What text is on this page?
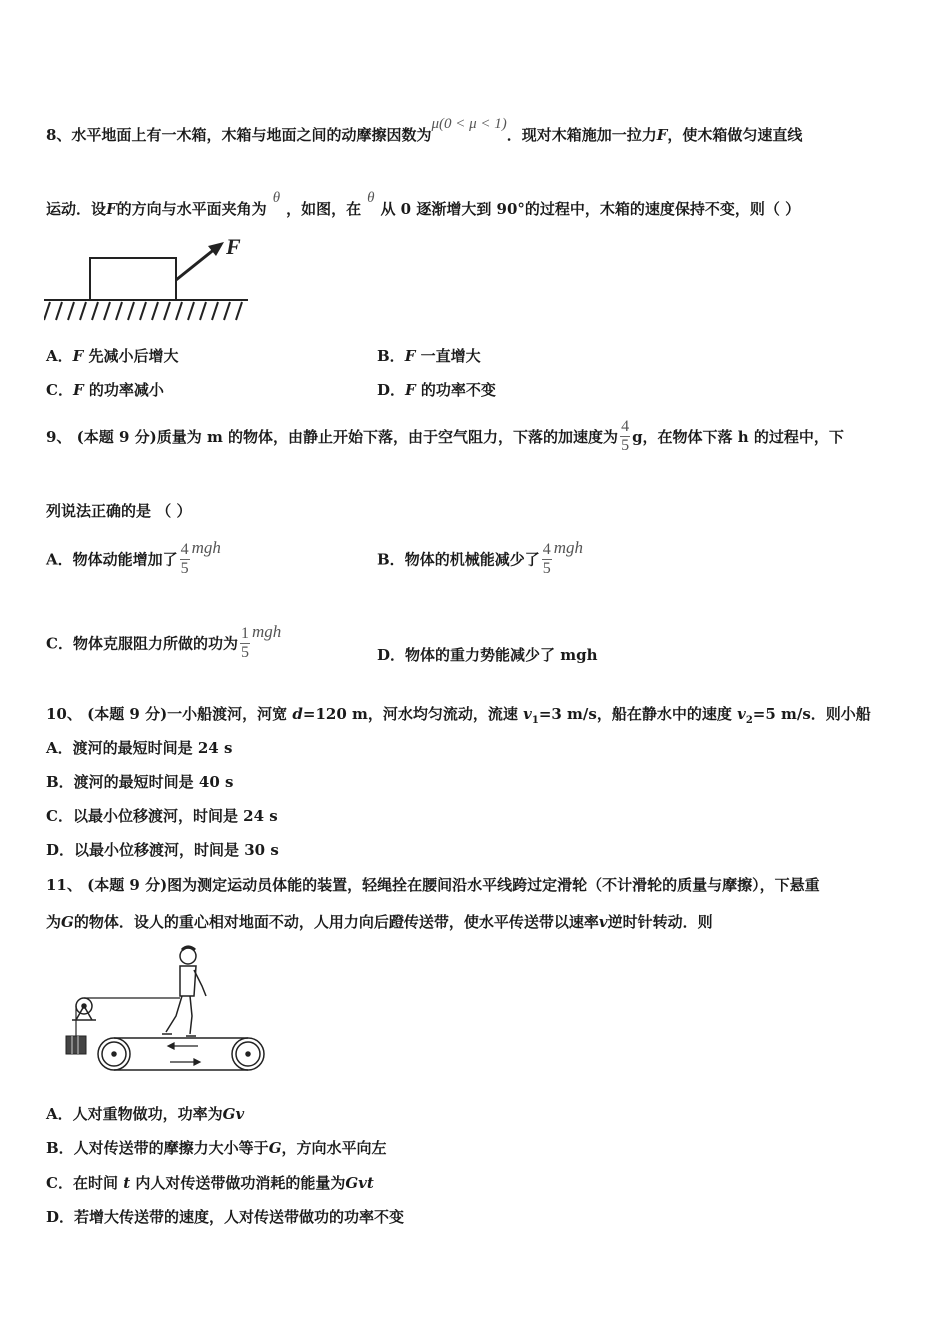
8、水平地面上有一木箱，木箱与地面之间的动摩擦因数为μ(0 < μ < 1)．现对木箱施加一拉力F，使木箱做匀速直线
运动．设F的方向与水平面夹角为θ，如图，在θ从 0 逐渐增大到 90°的过程中，木箱的速度保持不变，则（ ）
F
A．F 先减小后增大	B．F 一直增大
C．F 的功率减小	D．F 的功率不变
9、 (本题 9 分)质量为 m 的物体，由静止开始下落，由于空气阻力，下落的加速度为 $\frac{4}{5}$ g，在物体下落 h 的过程中，下
列说法正确的是 （ ）
A．物体动能增加了 $\frac{4}{5}$ mgh
B．物体的机械能减少了 $\frac{4}{5}$ mgh
C．物体克服阻力所做的功为 $\frac{1}{5}$ mgh
D．物体的重力势能减少了 mgh
10、 (本题 9 分)一小船渡河，河宽 d=120 m，河水均匀流动，流速 $v_1=3$ m/s，船在静水中的速度 $v_2=5$ m/s．则小船
A．渡河的最短时间是 24 s
B．渡河的最短时间是 40 s
C．以最小位移渡河，时间是 24 s
D．以最小位移渡河，时间是 30 s
11、 (本题 9 分)图为测定运动员体能的装置，轻绳拴在腰间沿水平线跨过定滑轮（不计滑轮的质量与摩擦），下悬重
为G的物体．设人的重心相对地面不动，人用力向后蹬传送带，使水平传送带以速率v逆时针转动．则
A．人对重物做功，功率为Gv
B．人对传送带的摩擦力大小等于G，方向水平向左
C．在时间 t 内人对传送带做功消耗的能量为Gvt
D．若增大传送带的速度，人对传送带做功的功率不变
